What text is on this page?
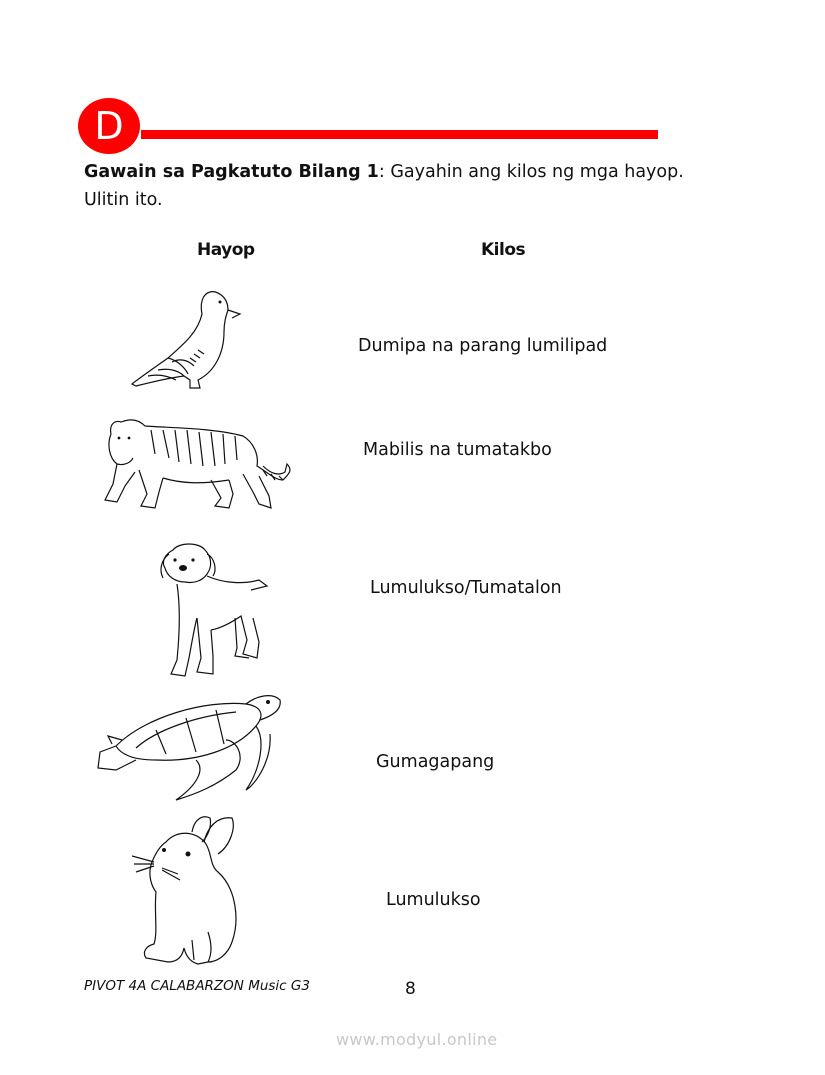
D
Gawain sa Pagkatuto Bilang 1: Gayahin ang kilos ng mga hayop. Ulitin ito.
Hayop	Kilos
Dumipa na parang lumilipad
Mabilis na tumatakbo
Lumulukso/Tumatalon
Gumagapang
Lumulukso
PIVOT 4A CALABARZON Music G3	8
www.modyul.online
